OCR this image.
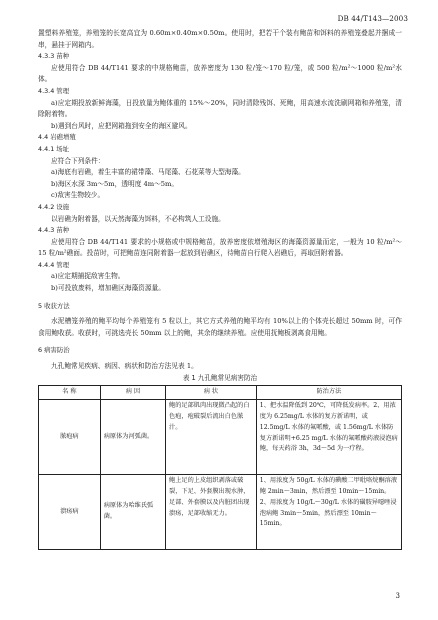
DB 44/T143—2003

置塑料养殖笼，养殖笼的长宽高宜为 0.60m×0.40m×0.50m。使用时，把若干个装有鲍苗和饵料的养殖笼叠起并捆成一串，悬挂于网箱内。

4.3.3 苗种

应使用符合 DB 44/T141 要求的中规格鲍苗，放养密度为 130 粒/笼～170 粒/笼，或 500 粒/m²～1000 粒/m²水体。

4.3.4 管理

a)应定期投放新鲜海藻，日投放量为鲍体重的 15%～20%，同时清除残饵、死鲍，用高速水流洗刷网箱和养殖笼，清除附着物。

b)遇到台风时，应把网箱拖到安全的海区避风。

4.4 岩礁增殖

4.4.1 场址

应符合下列条件：

a)海底有岩礁，着生丰富的裙带藻、马尾藻、石花菜等大型海藻。

b)海区水深 3m～5m，透明度 4m～5m。

c)敌害生物较少。

4.4.2 设施

以岩礁为附着器，以天然海藻为饵料，不必构筑人工设施。

4.4.3 苗种

应使用符合 DB 44/T141 要求的小规格或中规格鲍苗，放养密度依增殖海区的海藻资源量而定，一般为 10 粒/m²～15 粒/m²礁面。投苗时，可把鲍苗连同附着器一起放到岩礁区，待鲍苗自行爬入岩礁后，再取回附着器。

4.4.4 管理

a)应定期捕捉敌害生物。

b)可投放废料，增加礁区海藻资源量。

5 收获方法

水泥槽笼养殖的鲍平均每个养殖笼有 5 粒以上，其它方式养殖的鲍平均有 10%以上的个体壳长超过 50mm 时，可作食用鲍收获。收获时，可挑选壳长 50mm 以上的鲍，其余的继续养殖。应使用抚鲍板剥离食用鲍。

6 病害防治

九孔鲍常见疾病、病因、病状和防治方法见表 1。

表 1 九孔鲍常见病害防治

名 称	病 因	病 状	防治方法
脓疱病	病原体为河弧菌。	鲍的足部肌肉出现微凸起的白色疱，疱破裂后流出白色脓汁。	1、把水温降低到 20℃，可降低发病率。2、用浓度为 6.25mg/L 水体的复方新诺明，或 12.5mg/L 水体的氟哌酸，或 1.56mg/L 水体防复方新诺明+6.25 mg/L 水体的氟哌酸药液浸泡病鲍，每天药浴 3h，3d～5d 为一疗程。
溃疡病	病原体为哈维氏弧菌。	鲍上足的上皮组织剥落或破裂，下足、外套膜出现水肿，足部、外套膜以及内脏团出现溃疡，足部收缩无力。	1、用浓度为 50g/L 水体的碘酸二甲吡咯烷酮溶液鲍 2min～3min，然后漂至 10min～15min。2、用浓度为 10g/L～30g/L 水体的磺胺异噁唑浸泡病鲍 3min～5min，然后漂至 10min～15min。
3
